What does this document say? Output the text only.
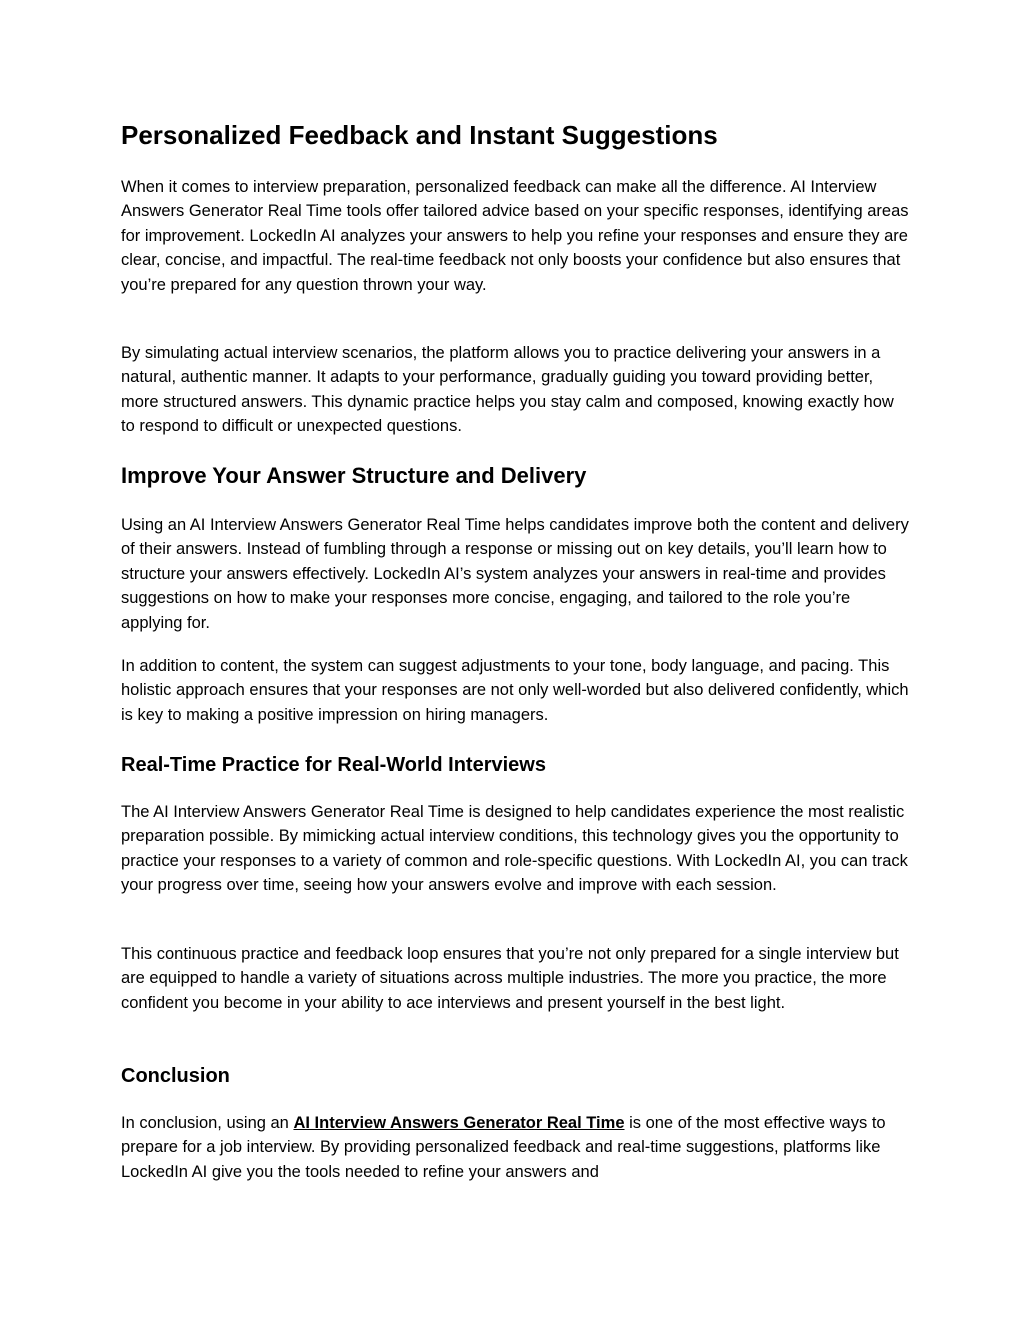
Personalized Feedback and Instant Suggestions

When it comes to interview preparation, personalized feedback can make all the difference. AI Interview Answers Generator Real Time tools offer tailored advice based on your specific responses, identifying areas for improvement. LockedIn AI analyzes your answers to help you refine your responses and ensure they are clear, concise, and impactful. The real-time feedback not only boosts your confidence but also ensures that you’re prepared for any question thrown your way.

By simulating actual interview scenarios, the platform allows you to practice delivering your answers in a natural, authentic manner. It adapts to your performance, gradually guiding you toward providing better, more structured answers. This dynamic practice helps you stay calm and composed, knowing exactly how to respond to difficult or unexpected questions.

Improve Your Answer Structure and Delivery

Using an AI Interview Answers Generator Real Time helps candidates improve both the content and delivery of their answers. Instead of fumbling through a response or missing out on key details, you’ll learn how to structure your answers effectively. LockedIn AI’s system analyzes your answers in real-time and provides suggestions on how to make your responses more concise, engaging, and tailored to the role you’re applying for.

In addition to content, the system can suggest adjustments to your tone, body language, and pacing. This holistic approach ensures that your responses are not only well-worded but also delivered confidently, which is key to making a positive impression on hiring managers.

Real-Time Practice for Real-World Interviews

The AI Interview Answers Generator Real Time is designed to help candidates experience the most realistic preparation possible. By mimicking actual interview conditions, this technology gives you the opportunity to practice your responses to a variety of common and role-specific questions. With LockedIn AI, you can track your progress over time, seeing how your answers evolve and improve with each session.

This continuous practice and feedback loop ensures that you’re not only prepared for a single interview but are equipped to handle a variety of situations across multiple industries. The more you practice, the more confident you become in your ability to ace interviews and present yourself in the best light.

Conclusion

In conclusion, using an AI Interview Answers Generator Real Time is one of the most effective ways to prepare for a job interview. By providing personalized feedback and real-time suggestions, platforms like LockedIn AI give you the tools needed to refine your answers and
